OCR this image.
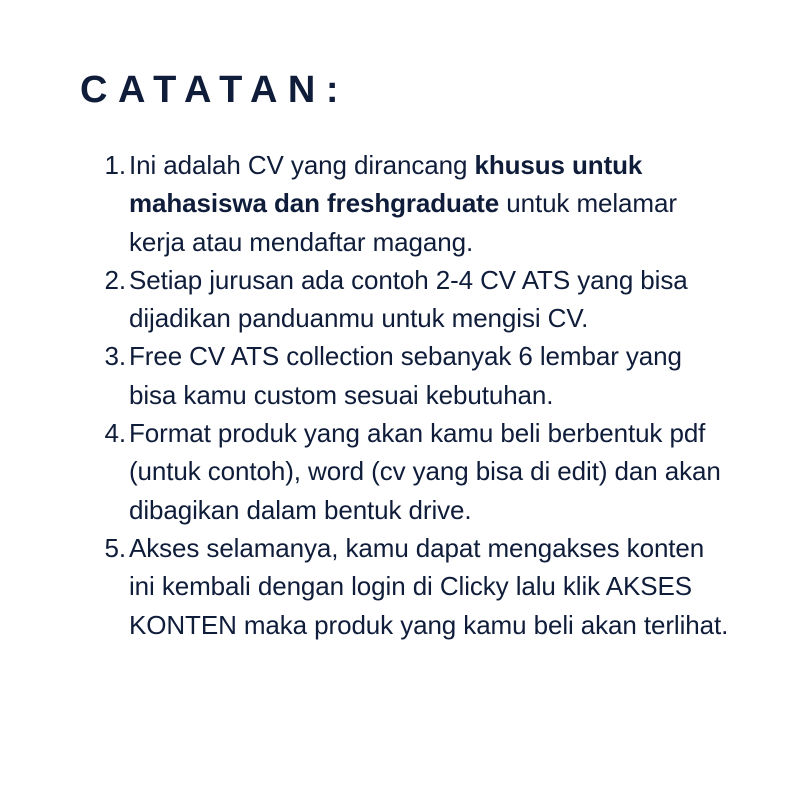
CATATAN:
1. Ini adalah CV yang dirancang khusus untuk mahasiswa dan freshgraduate untuk melamar kerja atau mendaftar magang.
2. Setiap jurusan ada contoh 2-4 CV ATS yang bisa dijadikan panduanmu untuk mengisi CV.
3. Free CV ATS collection sebanyak 6 lembar yang bisa kamu custom sesuai kebutuhan.
4. Format produk yang akan kamu beli berbentuk pdf (untuk contoh), word (cv yang bisa di edit) dan akan dibagikan dalam bentuk drive.
5. Akses selamanya, kamu dapat mengakses konten ini kembali dengan login di Clicky lalu klik AKSES KONTEN maka produk yang kamu beli akan terlihat.
